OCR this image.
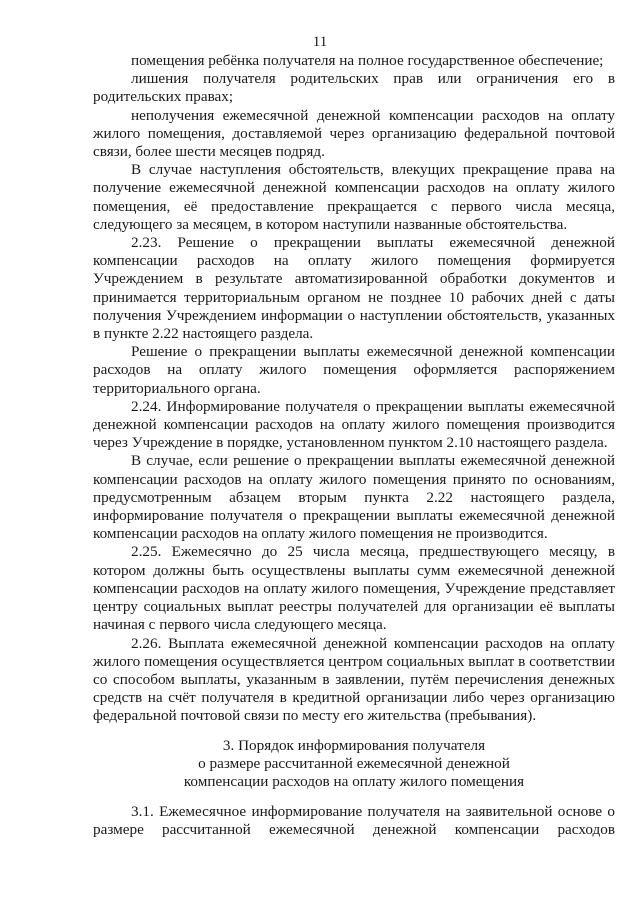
11

помещения ребёнка получателя на полное государственное обеспечение;

лишения получателя родительских прав или ограничения его в родительских правах;

неполучения ежемесячной денежной компенсации расходов на оплату жилого помещения, доставляемой через организацию федеральной почтовой связи, более шести месяцев подряд.

В случае наступления обстоятельств, влекущих прекращение права на получение ежемесячной денежной компенсации расходов на оплату жилого помещения, её предоставление прекращается с первого числа месяца, следующего за месяцем, в котором наступили названные обстоятельства.

2.23. Решение о прекращении выплаты ежемесячной денежной компенсации расходов на оплату жилого помещения формируется Учреждением в результате автоматизированной обработки документов и принимается территориальным органом не позднее 10 рабочих дней с даты получения Учреждением информации о наступлении обстоятельств, указанных в пункте 2.22 настоящего раздела.

Решение о прекращении выплаты ежемесячной денежной компенсации расходов на оплату жилого помещения оформляется распоряжением территориального органа.

2.24. Информирование получателя о прекращении выплаты ежемесячной денежной компенсации расходов на оплату жилого помещения производится через Учреждение в порядке, установленном пунктом 2.10 настоящего раздела.

В случае, если решение о прекращении выплаты ежемесячной денежной компенсации расходов на оплату жилого помещения принято по основаниям, предусмотренным абзацем вторым пункта 2.22 настоящего раздела, информирование получателя о прекращении выплаты ежемесячной денежной компенсации расходов на оплату жилого помещения не производится.

2.25. Ежемесячно до 25 числа месяца, предшествующего месяцу, в котором должны быть осуществлены выплаты сумм ежемесячной денежной компенсации расходов на оплату жилого помещения, Учреждение представляет центру социальных выплат реестры получателей для организации её выплаты начиная с первого числа следующего месяца.

2.26. Выплата ежемесячной денежной компенсации расходов на оплату жилого помещения осуществляется центром социальных выплат в соответствии со способом выплаты, указанным в заявлении, путём перечисления денежных средств на счёт получателя в кредитной организации либо через организацию федеральной почтовой связи по месту его жительства (пребывания).

3. Порядок информирования получателя
о размере рассчитанной ежемесячной денежной
компенсации расходов на оплату жилого помещения

3.1. Ежемесячное информирование получателя на заявительной основе о размере рассчитанной ежемесячной денежной компенсации расходов
